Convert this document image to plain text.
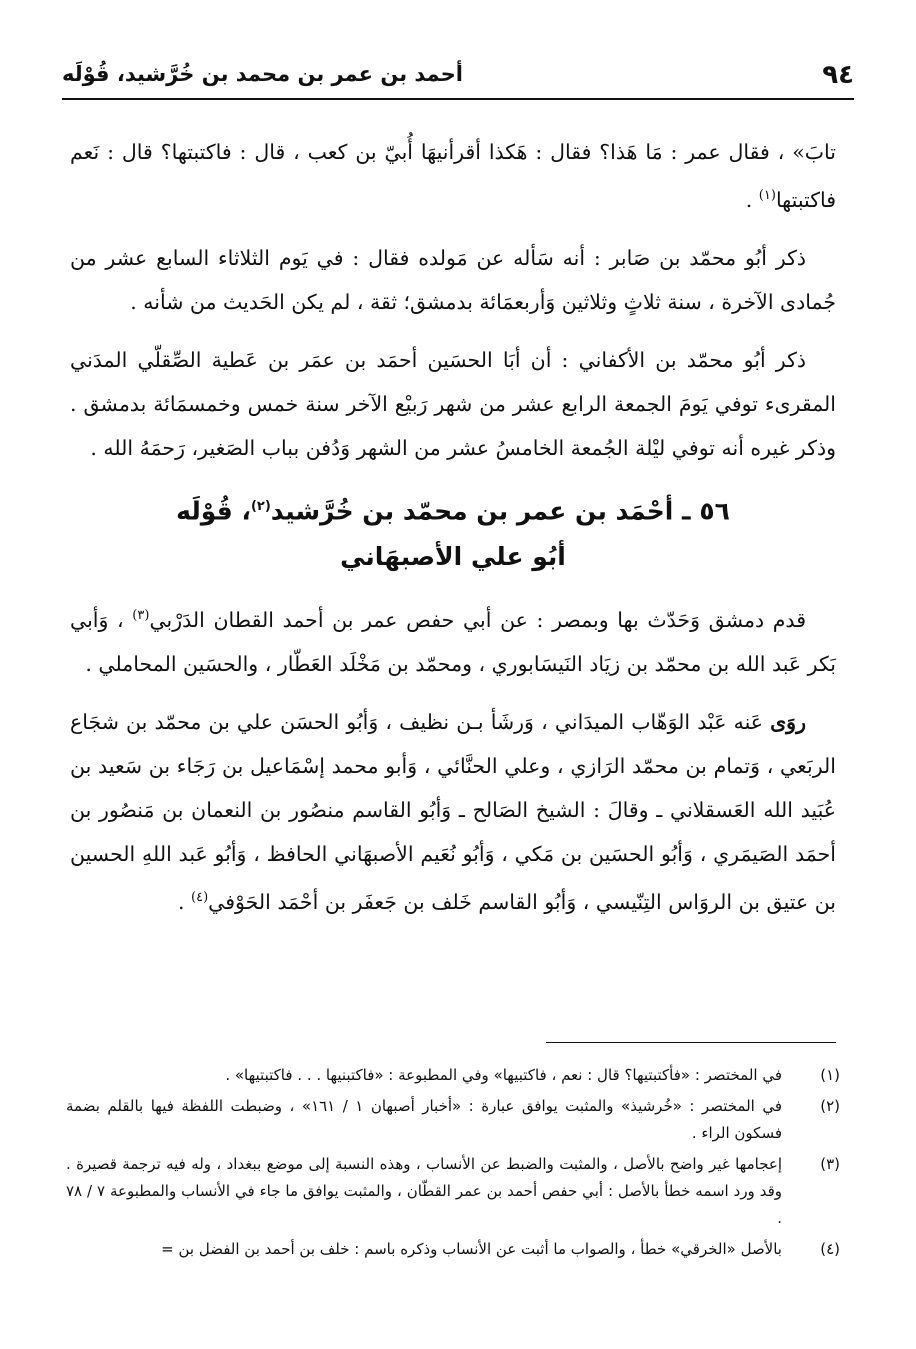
٩٤
أحمد بن عمر بن محمد بن خُرَّشيد، قُوْلَه

تابَ» ، فقال عمر : مَا هَذا؟ فقال : هَكذا أقرأنيهَا أُبيّ بن كعب ، قال : فاكتبتها؟ قال : نَعم فاكتبتها$^{(١)}$ .

ذكر أبُو محمّد بن صَابر : أنه سَأله عن مَولده فقال : في يَوم الثلاثاء السابع عشر من جُمادى الآخرة ، سنة ثلاثٍ وثلاثين وَأربعمَائة بدمشق؛ ثقة ، لم يكن الحَديث من شأنه .

ذكر أبُو محمّد بن الأكفاني : أن أبَا الحسَين أحمَد بن عمَر بن عَطية الصِّقلّي المدَني المقرىء توفي يَومَ الجمعة الرابع عشر من شهر رَبيْع الآخر سنة خمس وخمسمَائة بدمشق . وذكر غيره أنه توفي ليْلة الجُمعة الخامسُ عشر من الشهر وَدُفن بباب الصَغير، رَحمَهُ الله .

٥٦ ـ أحْمَد بن عمر بن محمّد بن خُرَّشيد$^{(٢)}$، قُوْلَه
أبُو علي الأصبهَاني

قدم دمشق وَحَدّث بها وبمصر : عن أبي حفص عمر بن أحمد القطان الدَرْبي$^{(٣)}$ ، وَأبي بَكر عَبد الله بن محمّد بن زيَاد النَيسَابوري ، ومحمّد بن مَخْلَد العَطّار ، والحسَين المحاملي .

روَى عَنه عَبْد الوَهّاب الميدَاني ، وَرشَأ بـن نظيف ، وَأبُو الحسَن علي بن محمّد بن شجَاع الربَعي ، وَتمام بن محمّد الرَازي ، وعلي الحنَّائي ، وَأبو محمد إسْمَاعيل بن رَجَاء بن سَعيد بن عُبَيد الله العَسقلاني ـ وقالَ : الشيخ الصَالح ـ وَأبُو القاسم منصُور بن النعمان بن مَنصُور بن أحمَد الصَيمَري ، وَأبُو الحسَين بن مَكي ، وَأبُو نُعَيم الأصبهَاني الحافظ ، وَأبُو عَبد اللهِ الحسين بن عتيق بن الروَاس التِنّيسي ، وَأبُو القاسم خَلف بن جَعفَر بن أحْمَد الحَوْفي$^{(٤)}$ .

(١)
في المختصر : «فأكتبتيها؟ قال : نعم ، فاكتبيها» وفي المطبوعة : «فاكتبنيها . . . فاكتبتيها» .
(٢)
في المختصر : «خُرشيذ» والمثبت يوافق عبارة : «أخبار أصبهان ١ / ١٦١» ، وضبطت اللفظة فيها بالقلم بضمة فسكون الراء .
(٣)
إعجامها غير واضح بالأصل ، والمثبت والضبط عن الأنساب ، وهذه النسبة إلى موضع ببغداد ، وله فيه ترجمة قصيرة . وقد ورد اسمه خطأ بالأصل : أبي حفص أحمد بن عمر القطّان ، والمثبت يوافق ما جاء في الأنساب والمطبوعة ٧ / ٧٨ .
(٤)
بالأصل «الخرقي» خطأ ، والصواب ما أثبت عن الأنساب وذكره باسم : خلف بن أحمد بن الفضل بن =
